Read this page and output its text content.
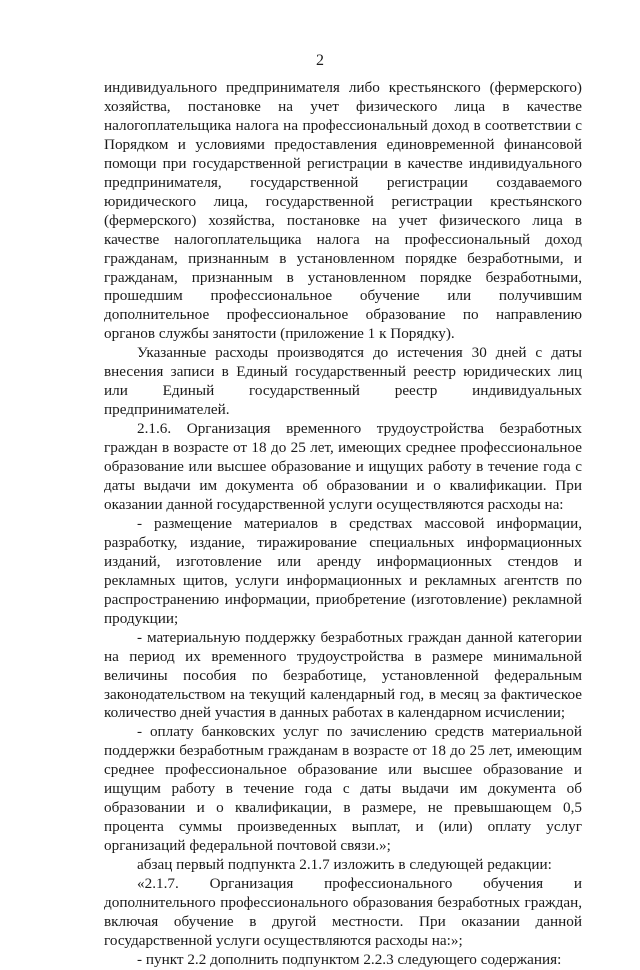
2

индивидуального предпринимателя либо крестьянского (фермерского) хозяйства, постановке на учет физического лица в качестве налогоплательщика налога на профессиональный доход в соответствии с Порядком и условиями предоставления единовременной финансовой помощи при государственной регистрации в качестве индивидуального предпринимателя, государственной регистрации создаваемого юридического лица, государственной регистрации крестьянского (фермерского) хозяйства, постановке на учет физического лица в качестве налогоплательщика налога на профессиональный доход гражданам, признанным в установленном порядке безработными, и гражданам, признанным в установленном порядке безработными, прошедшим профессиональное обучение или получившим дополнительное профессиональное образование по направлению органов службы занятости (приложение 1 к Порядку).

Указанные расходы производятся до истечения 30 дней с даты внесения записи в Единый государственный реестр юридических лиц или Единый государственный реестр индивидуальных предпринимателей.

2.1.6. Организация временного трудоустройства безработных граждан в возрасте от 18 до 25 лет, имеющих среднее профессиональное образование или высшее образование и ищущих работу в течение года с даты выдачи им документа об образовании и о квалификации. При оказании данной государственной услуги осуществляются расходы на:

- размещение материалов в средствах массовой информации, разработку, издание, тиражирование специальных информационных изданий, изготовление или аренду информационных стендов и рекламных щитов, услуги информационных и рекламных агентств по распространению информации, приобретение (изготовление) рекламной продукции;

- материальную поддержку безработных граждан данной категории на период их временного трудоустройства в размере минимальной величины пособия по безработице, установленной федеральным законодательством на текущий календарный год, в месяц за фактическое количество дней участия в данных работах в календарном исчислении;

- оплату банковских услуг по зачислению средств материальной поддержки безработным гражданам в возрасте от 18 до 25 лет, имеющим среднее профессиональное образование или высшее образование и ищущим работу в течение года с даты выдачи им документа об образовании и о квалификации, в размере, не превышающем 0,5 процента суммы произведенных выплат, и (или) оплату услуг организаций федеральной почтовой связи.»;

абзац первый подпункта 2.1.7 изложить в следующей редакции:

«2.1.7. Организация профессионального обучения и дополнительного профессионального образования безработных граждан, включая обучение в другой местности. При оказании данной государственной услуги осуществляются расходы на:»;

- пункт 2.2 дополнить подпунктом 2.2.3 следующего содержания:
